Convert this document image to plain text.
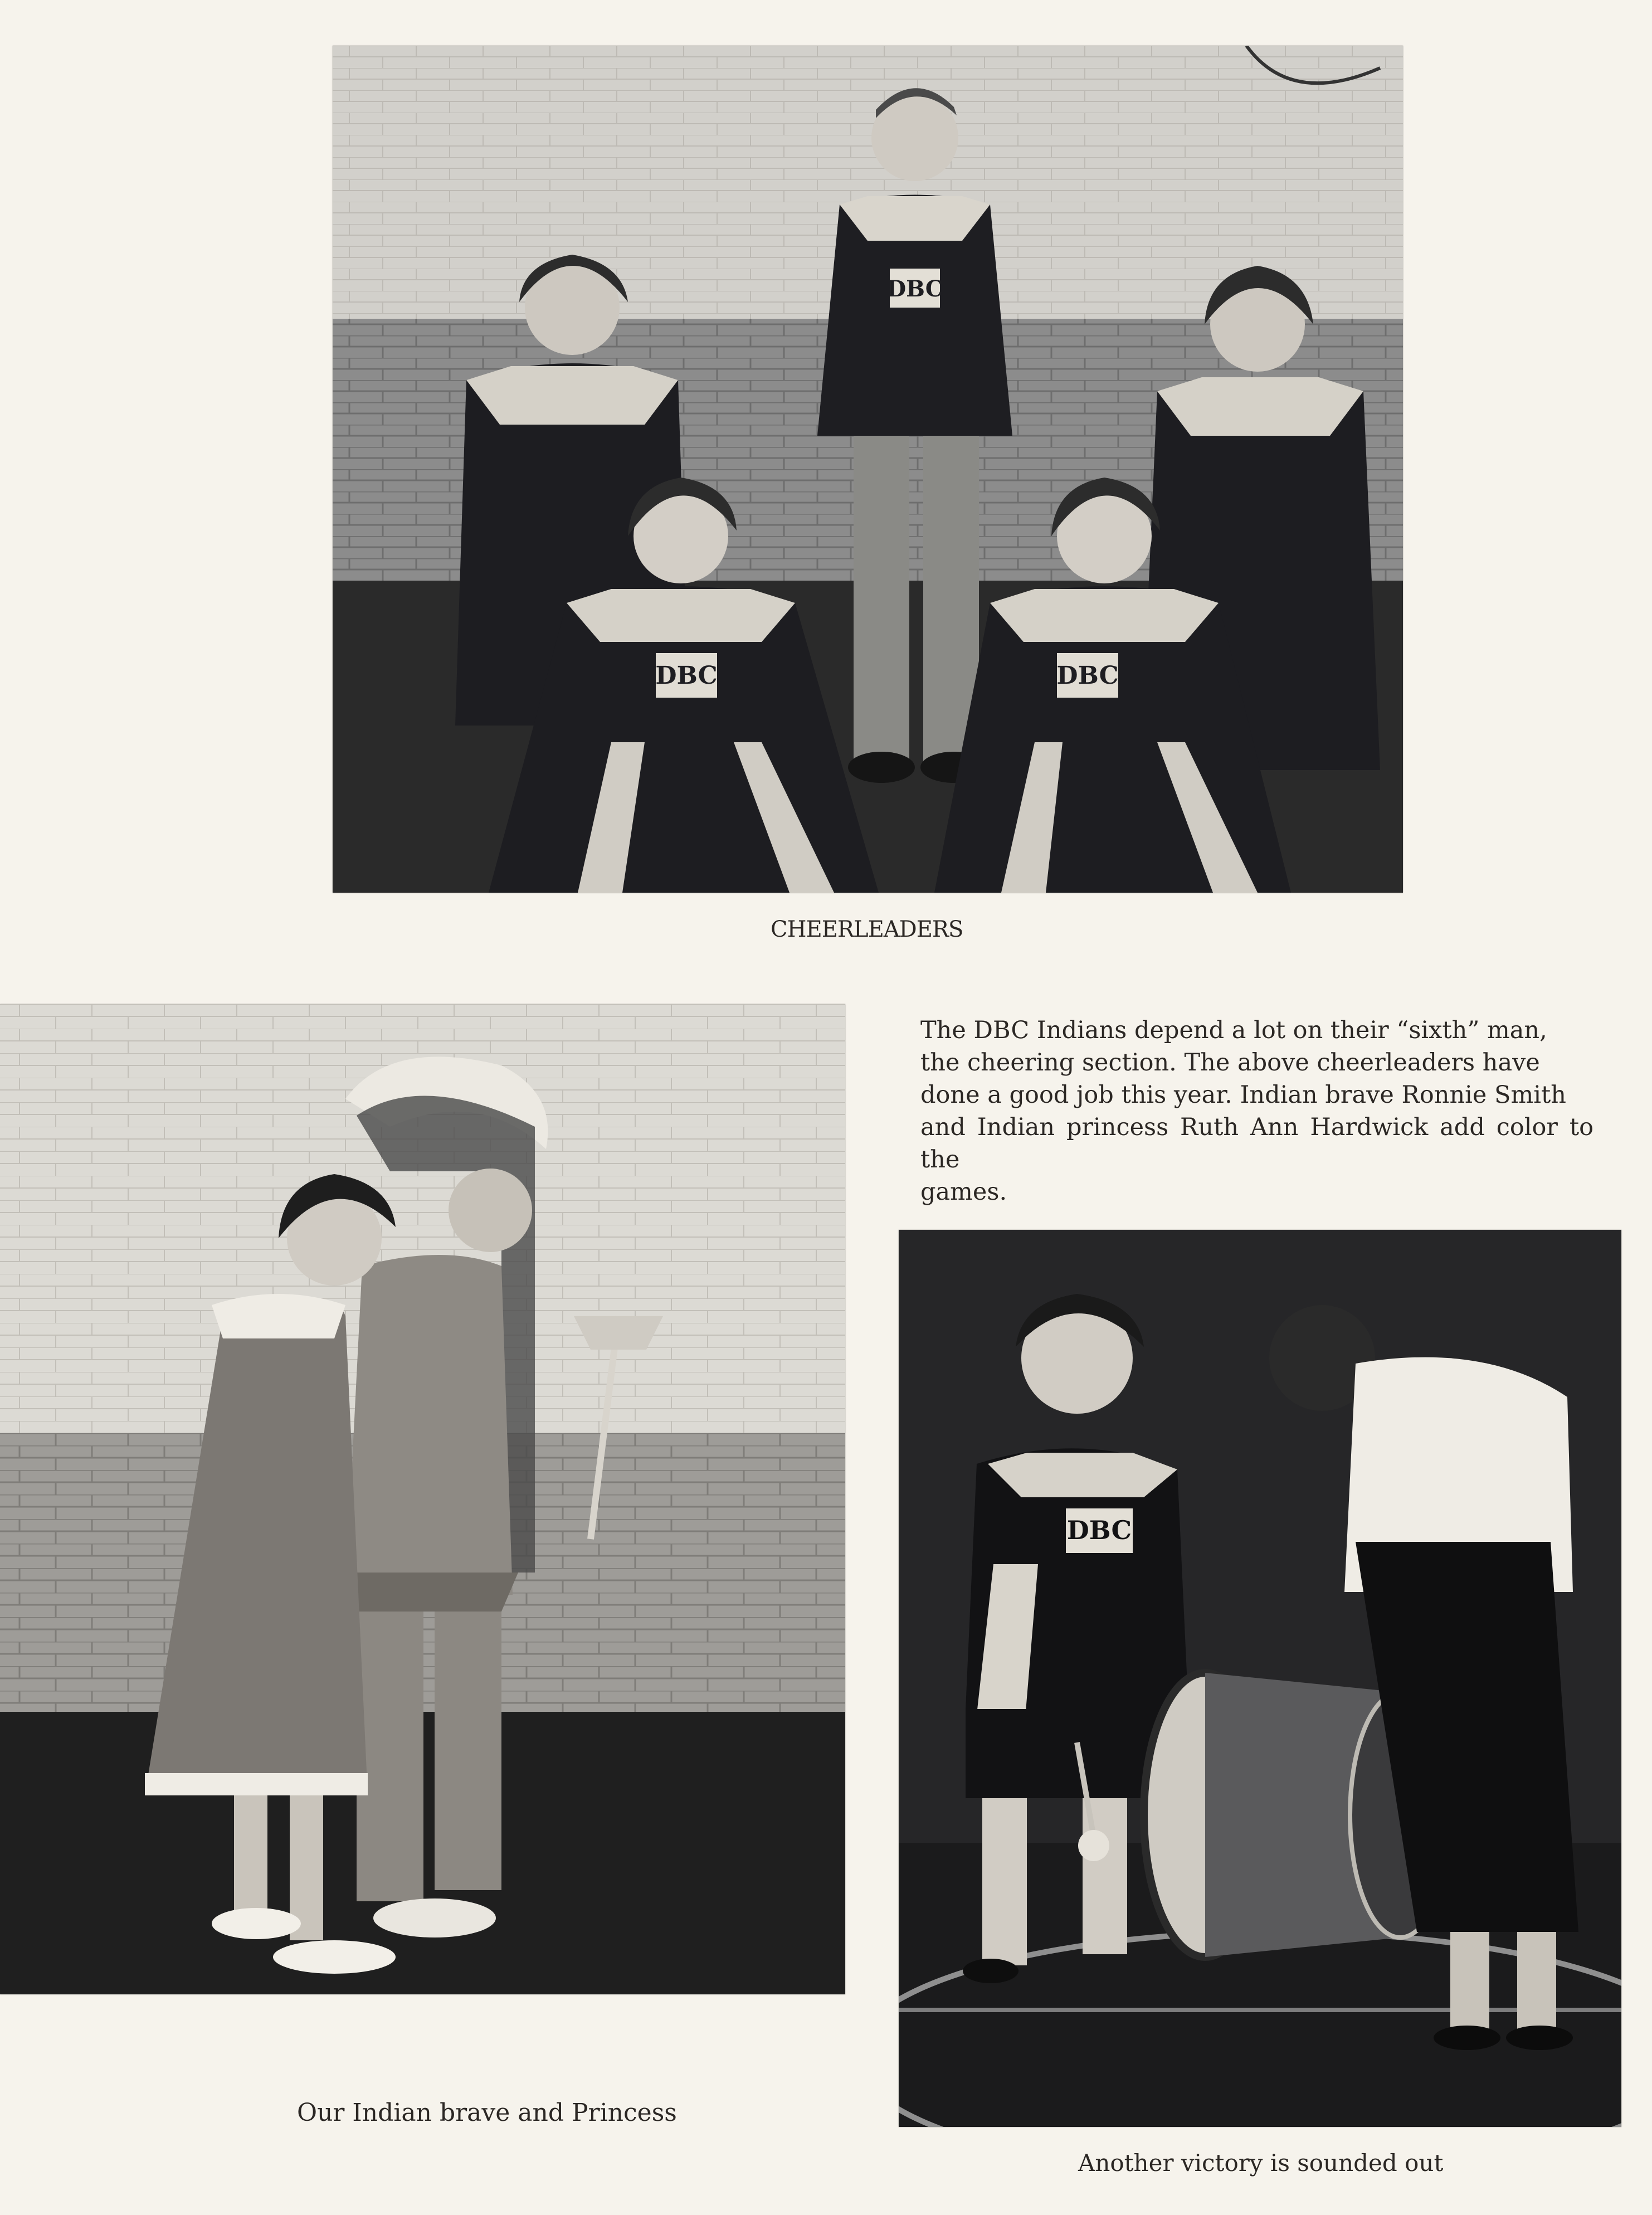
DBC
DBC	DBC
CHEERLEADERS
Our Indian brave and Princess
The DBC Indians depend a lot on their “sixth” man,
the cheering section. The above cheerleaders have
done a good job this year. Indian brave Ronnie Smith
and Indian princess Ruth Ann Hardwick add color to the
games.
DBC
Another victory is sounded out
